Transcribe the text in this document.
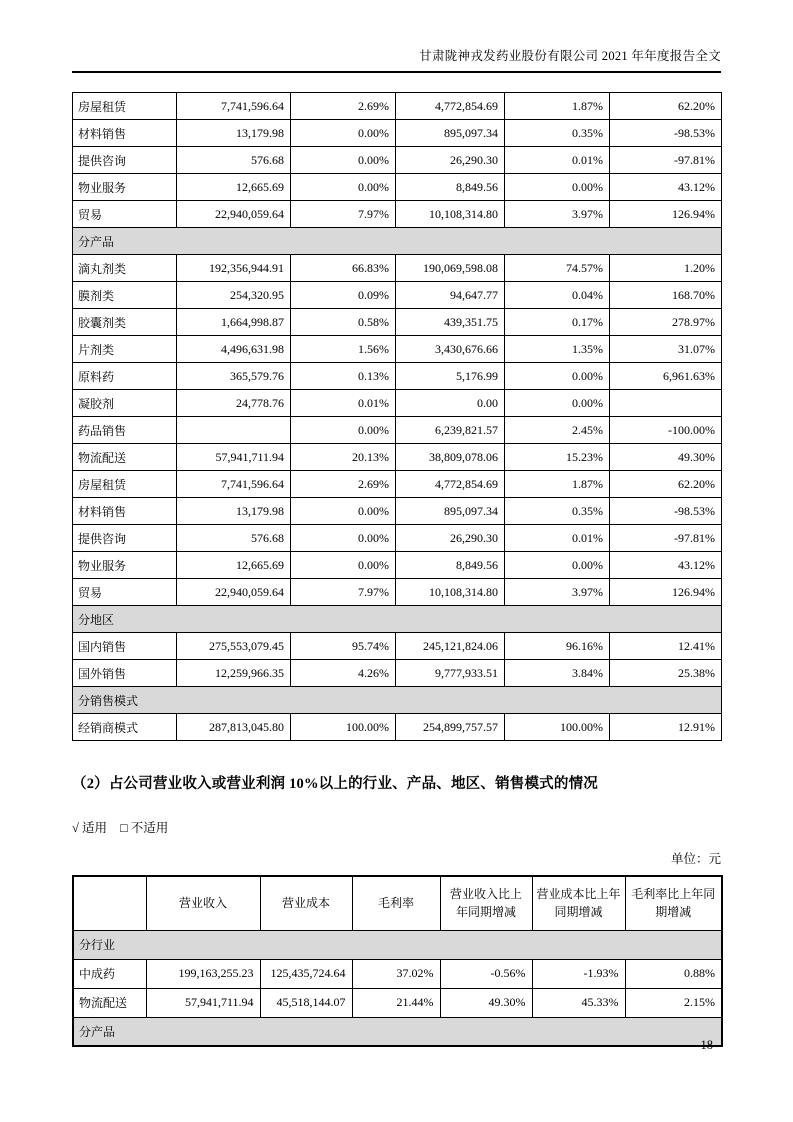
甘肃陇神戎发药业股份有限公司 2021 年年度报告全文
房屋租赁	7,741,596.64	2.69%	4,772,854.69	1.87%	62.20%
材料销售	13,179.98	0.00%	895,097.34	0.35%	-98.53%
提供咨询	576.68	0.00%	26,290.30	0.01%	-97.81%
物业服务	12,665.69	0.00%	8,849.56	0.00%	43.12%
贸易	22,940,059.64	7.97%	10,108,314.80	3.97%	126.94%
分产品					
滴丸剂类	192,356,944.91	66.83%	190,069,598.08	74.57%	1.20%
膜剂类	254,320.95	0.09%	94,647.77	0.04%	168.70%
胶囊剂类	1,664,998.87	0.58%	439,351.75	0.17%	278.97%
片剂类	4,496,631.98	1.56%	3,430,676.66	1.35%	31.07%
原料药	365,579.76	0.13%	5,176.99	0.00%	6,961.63%
凝胶剂	24,778.76	0.01%	0.00	0.00%	
药品销售		0.00%	6,239,821.57	2.45%	-100.00%
物流配送	57,941,711.94	20.13%	38,809,078.06	15.23%	49.30%
房屋租赁	7,741,596.64	2.69%	4,772,854.69	1.87%	62.20%
材料销售	13,179.98	0.00%	895,097.34	0.35%	-98.53%
提供咨询	576.68	0.00%	26,290.30	0.01%	-97.81%
物业服务	12,665.69	0.00%	8,849.56	0.00%	43.12%
贸易	22,940,059.64	7.97%	10,108,314.80	3.97%	126.94%
分地区					
国内销售	275,553,079.45	95.74%	245,121,824.06	96.16%	12.41%
国外销售	12,259,966.35	4.26%	9,777,933.51	3.84%	25.38%
分销售模式					
经销商模式	287,813,045.80	100.00%	254,899,757.57	100.00%	12.91%
（2）占公司营业收入或营业利润 10%以上的行业、产品、地区、销售模式的情况
√ 适用 □ 不适用
单位：元
	营业收入	营业成本	毛利率	营业收入比上年同期增减	营业成本比上年同期增减	毛利率比上年同期增减
分行业						
中成药	199,163,255.23	125,435,724.64	37.02%	-0.56%	-1.93%	0.88%
物流配送	57,941,711.94	45,518,144.07	21.44%	49.30%	45.33%	2.15%
分产品						
18
